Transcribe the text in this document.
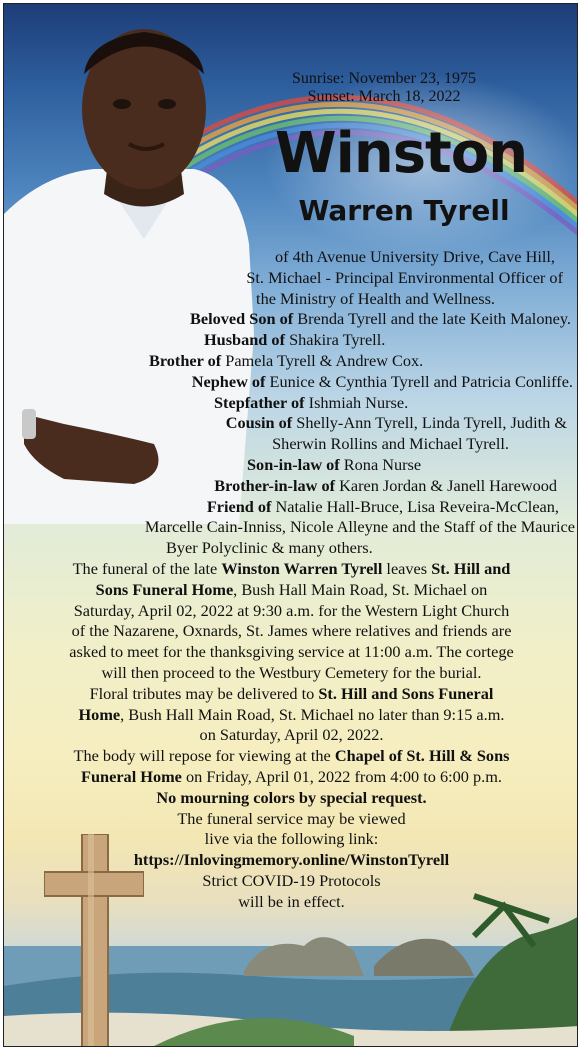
Sunrise: November 23, 1975
Sunset: March 18, 2022
Winston
Warren Tyrell
of 4th Avenue University Drive, Cave Hill,
St. Michael - Principal Environmental Officer of
the Ministry of Health and Wellness.
Beloved Son of Brenda Tyrell and the late Keith Maloney.
Husband of Shakira Tyrell.
Brother of Pamela Tyrell & Andrew Cox.
Nephew of Eunice & Cynthia Tyrell and Patricia Conliffe.
Stepfather of Ishmiah Nurse.
Cousin of Shelly-Ann Tyrell, Linda Tyrell, Judith &
Sherwin Rollins and Michael Tyrell.
Son-in-law of Rona Nurse
Brother-in-law of Karen Jordan & Janell Harewood
Friend of Natalie Hall-Bruce, Lisa Reveira-McClean,
Marcelle Cain-Inniss, Nicole Alleyne and the Staff of the Maurice
Byer Polyclinic & many others.
The funeral of the late Winston Warren Tyrell leaves St. Hill and
Sons Funeral Home, Bush Hall Main Road, St. Michael on
Saturday, April 02, 2022 at 9:30 a.m. for the Western Light Church
of the Nazarene, Oxnards, St. James where relatives and friends are
asked to meet for the thanksgiving service at 11:00 a.m. The cortege
will then proceed to the Westbury Cemetery for the burial.
Floral tributes may be delivered to St. Hill and Sons Funeral
Home, Bush Hall Main Road, St. Michael no later than 9:15 a.m.
on Saturday, April 02, 2022.
The body will repose for viewing at the Chapel of St. Hill & Sons
Funeral Home on Friday, April 01, 2022 from 4:00 to 6:00 p.m.
No mourning colors by special request.
The funeral service may be viewed
live via the following link:
https://Inlovingmemory.online/WinstonTyrell
Strict COVID-19 Protocols
will be in effect.
